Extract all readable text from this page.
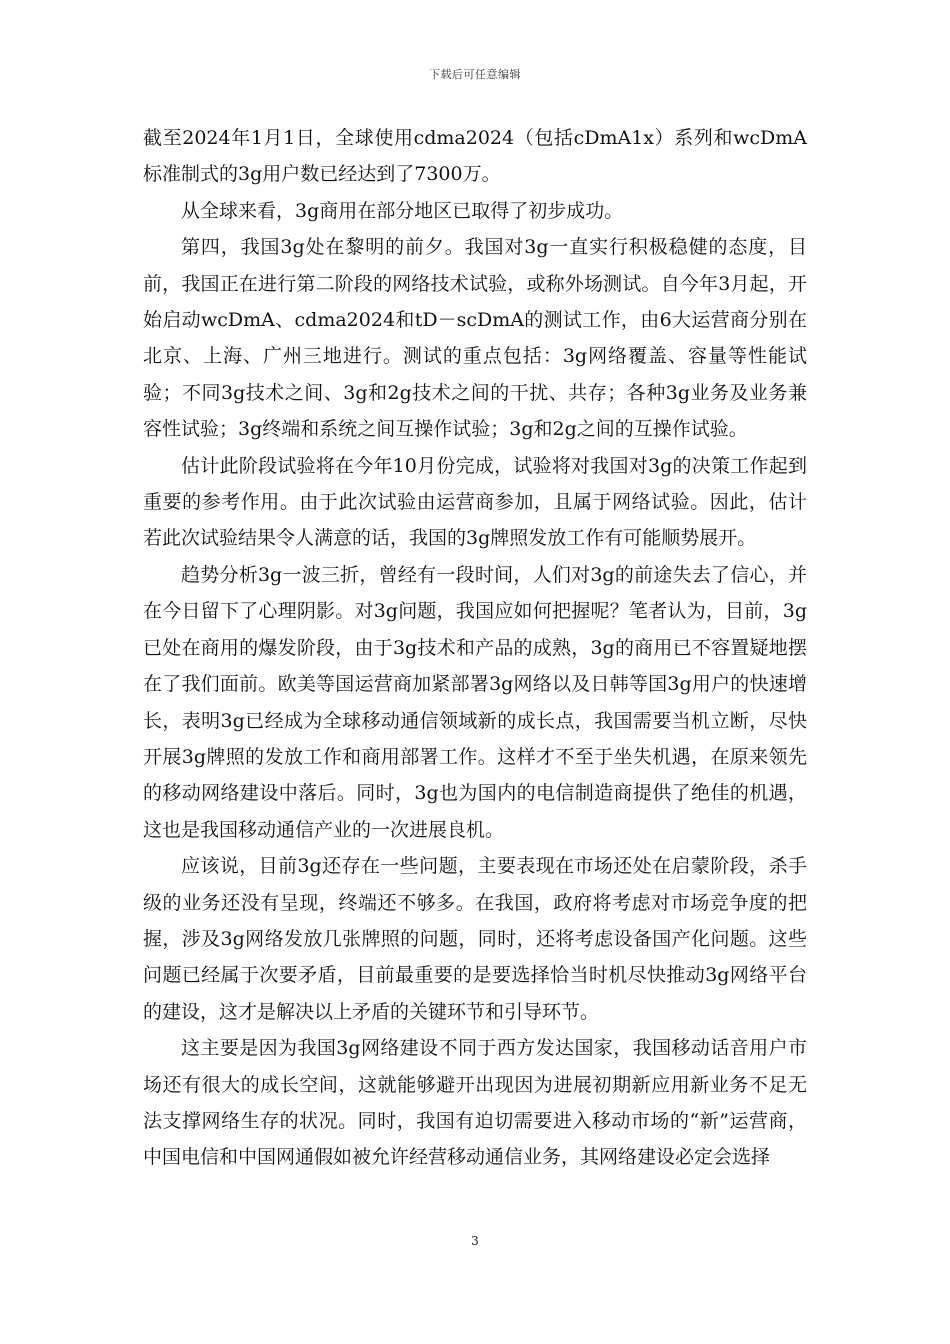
下载后可任意编辑

截至2024年1月1日，全球使用cdma2024（包括cDmA1x）系列和wcDmA标准制式的3g用户数已经达到了7300万。

从全球来看，3g商用在部分地区已取得了初步成功。

第四，我国3g处在黎明的前夕。我国对3g一直实行积极稳健的态度，目前，我国正在进行第二阶段的网络技术试验，或称外场测试。自今年3月起，开始启动wcDmA、cdma2024和tD－scDmA的测试工作，由6大运营商分别在北京、上海、广州三地进行。测试的重点包括：3g网络覆盖、容量等性能试验；不同3g技术之间、3g和2g技术之间的干扰、共存；各种3g业务及业务兼容性试验；3g终端和系统之间互操作试验；3g和2g之间的互操作试验。

估计此阶段试验将在今年10月份完成，试验将对我国对3g的决策工作起到重要的参考作用。由于此次试验由运营商参加，且属于网络试验。因此，估计若此次试验结果令人满意的话，我国的3g牌照发放工作有可能顺势展开。

趋势分析3g一波三折，曾经有一段时间，人们对3g的前途失去了信心，并在今日留下了心理阴影。对3g问题，我国应如何把握呢？笔者认为，目前，3g已处在商用的爆发阶段，由于3g技术和产品的成熟，3g的商用已不容置疑地摆在了我们面前。欧美等国运营商加紧部署3g网络以及日韩等国3g用户的快速增长，表明3g已经成为全球移动通信领域新的成长点，我国需要当机立断，尽快开展3g牌照的发放工作和商用部署工作。这样才不至于坐失机遇，在原来领先的移动网络建设中落后。同时，3g也为国内的电信制造商提供了绝佳的机遇，这也是我国移动通信产业的一次进展良机。

应该说，目前3g还存在一些问题，主要表现在市场还处在启蒙阶段，杀手级的业务还没有呈现，终端还不够多。在我国，政府将考虑对市场竞争度的把握，涉及3g网络发放几张牌照的问题，同时，还将考虑设备国产化问题。这些问题已经属于次要矛盾，目前最重要的是要选择恰当时机尽快推动3g网络平台的建设，这才是解决以上矛盾的关键环节和引导环节。

这主要是因为我国3g网络建设不同于西方发达国家，我国移动话音用户市场还有很大的成长空间，这就能够避开出现因为进展初期新应用新业务不足无法支撑网络生存的状况。同时，我国有迫切需要进入移动市场的“新”运营商，中国电信和中国网通假如被允许经营移动通信业务，其网络建设必定会选择

3
